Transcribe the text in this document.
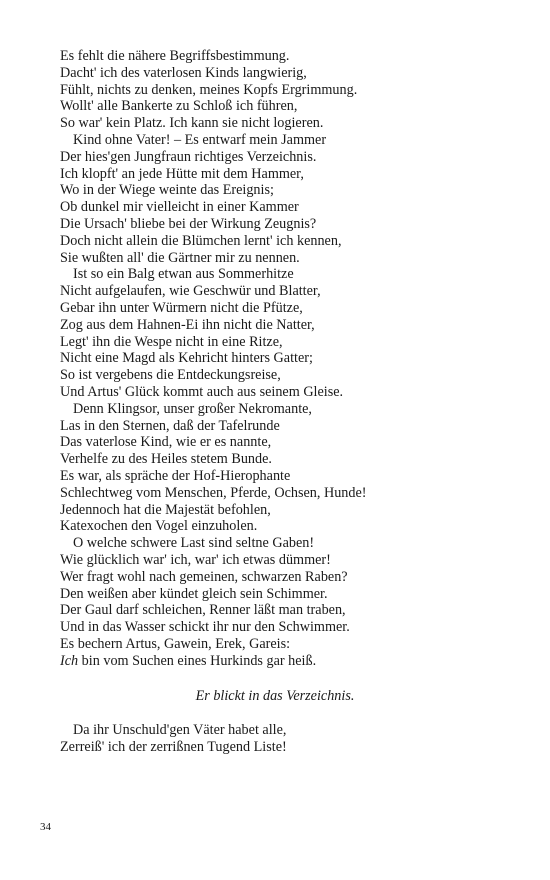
Es fehlt die nähere Begriffsbestimmung.
Dacht' ich des vaterlosen Kinds langwierig,
Fühlt, nichts zu denken, meines Kopfs Ergrimmung.
Wollt' alle Bankerte zu Schloß ich führen,
So war' kein Platz. Ich kann sie nicht logieren.
Kind ohne Vater! – Es entwarf mein Jammer
Der hies'gen Jungfraun richtiges Verzeichnis.
Ich klopft' an jede Hütte mit dem Hammer,
Wo in der Wiege weinte das Ereignis;
Ob dunkel mir vielleicht in einer Kammer
Die Ursach' bliebe bei der Wirkung Zeugnis?
Doch nicht allein die Blümchen lernt' ich kennen,
Sie wußten all' die Gärtner mir zu nennen.
Ist so ein Balg etwan aus Sommerhitze
Nicht aufgelaufen, wie Geschwür und Blatter,
Gebar ihn unter Würmern nicht die Pfütze,
Zog aus dem Hahnen-Ei ihn nicht die Natter,
Legt' ihn die Wespe nicht in eine Ritze,
Nicht eine Magd als Kehricht hinters Gatter;
So ist vergebens die Entdeckungsreise,
Und Artus' Glück kommt auch aus seinem Gleise.
Denn Klingsor, unser großer Nekromante,
Las in den Sternen, daß der Tafelrunde
Das vaterlose Kind, wie er es nannte,
Verhelfe zu des Heiles stetem Bunde.
Es war, als spräche der Hof-Hierophante
Schlechtweg vom Menschen, Pferde, Ochsen, Hunde!
Jedennoch hat die Majestät befohlen,
Katexochen den Vogel einzuholen.
O welche schwere Last sind seltne Gaben!
Wie glücklich war' ich, war' ich etwas dümmer!
Wer fragt wohl nach gemeinen, schwarzen Raben?
Den weißen aber kündet gleich sein Schimmer.
Der Gaul darf schleichen, Renner läßt man traben,
Und in das Wasser schickt ihr nur den Schwimmer.
Es bechern Artus, Gawein, Erek, Gareis:
Ich bin vom Suchen eines Hurkinds gar heiß.
Er blickt in das Verzeichnis.
Da ihr Unschuld'gen Väter habet alle,
Zerreiß' ich der zerrißnen Tugend Liste!
34
